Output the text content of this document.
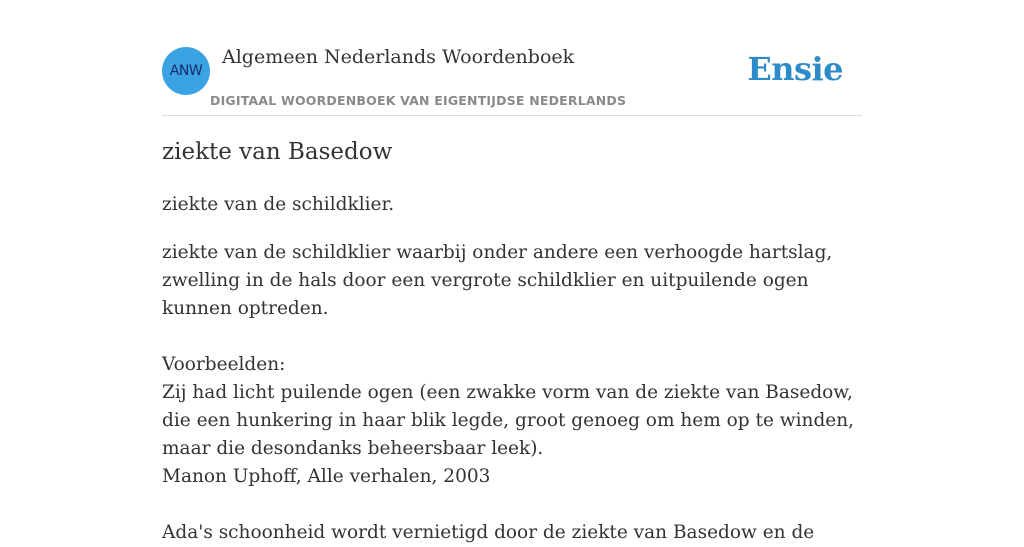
ANW
Algemeen Nederlands Woordenboek
DIGITAAL WOORDENBOEK VAN EIGENTIJDSE NEDERLANDS
Ensie
ziekte van Basedow
ziekte van de schildklier.

ziekte van de schildklier waarbij onder andere een verhoogde hartslag, zwelling in de hals door een vergrote schildklier en uitpuilende ogen kunnen optreden.

Voorbeelden:

Zij had licht puilende ogen (een zwakke vorm van de ziekte van Basedow, die een hunkering in haar blik legde, groot genoeg om hem op te winden, maar die desondanks beheersbaar leek).

Manon Uphoff, Alle verhalen, 2003

Ada's schoonheid wordt vernietigd door de ziekte van Basedow en de
